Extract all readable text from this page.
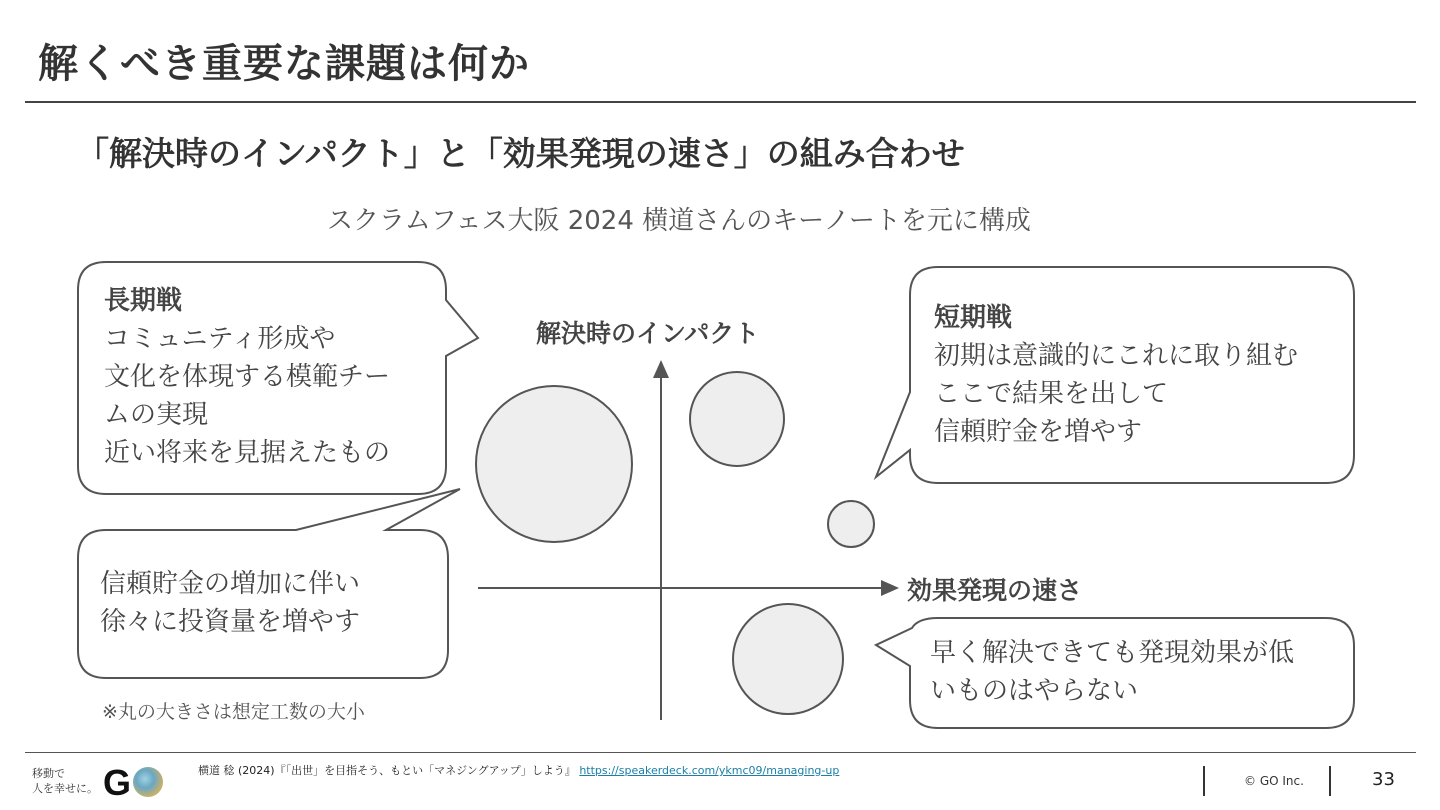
解くべき重要な課題は何か
「解決時のインパクト」と「効果発現の速さ」の組み合わせ
スクラムフェス大阪 2024 横道さんのキーノートを元に構成
長期戦
コミュニティ形成や
文化を体現する模範チー
ムの実現
近い将来を見据えたもの
短期戦
初期は意識的にこれに取り組む
ここで結果を出して
信頼貯金を増やす
信頼貯金の増加に伴い
徐々に投資量を増やす
早く解決できても発現効果が低
いものはやらない
解決時のインパクト
効果発現の速さ
※丸の大きさは想定工数の大小
移動で
人を幸せに。 G	横道 稔 (2024)『「出世」を目指そう、もとい「マネジングアップ」しよう』 https://speakerdeck.com/ykmc09/managing-up
© GO Inc.	33
